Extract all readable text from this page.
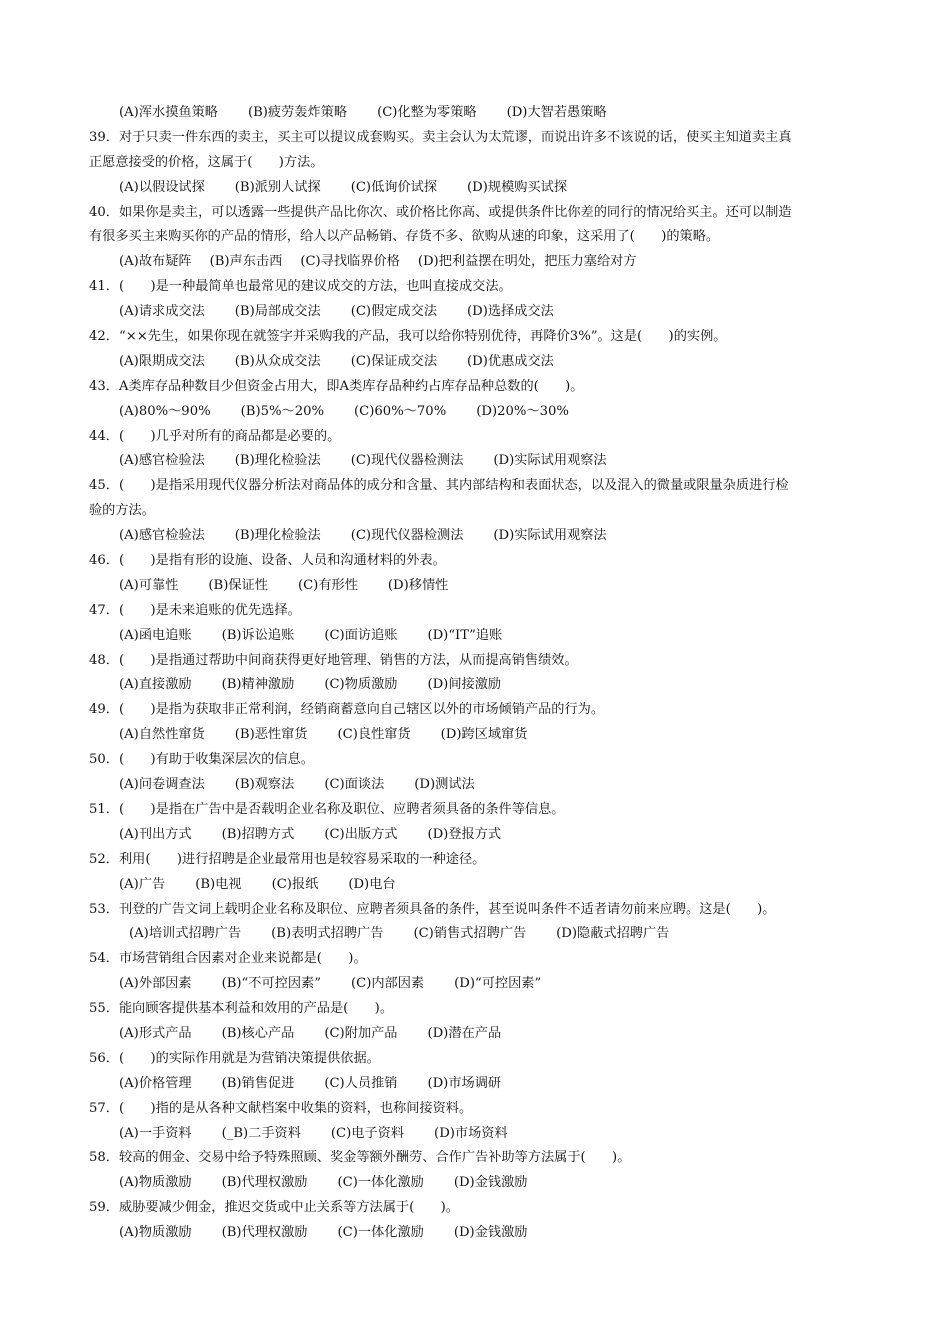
(A)浑水摸鱼策略 (B)疲劳轰炸策略 (C)化整为零策略 (D)大智若愚策略
39．对于只卖一件东西的卖主，买主可以提议成套购买。卖主会认为太荒谬，而说出许多不该说的话，使买主知道卖主真
正愿意接受的价格，这属于(　　)方法。
(A)以假设试探 (B)派别人试探 (C)低询价试探 (D)规模购买试探
40．如果你是卖主，可以透露一些提供产品比你次、或价格比你高、或提供条件比你差的同行的情况给买主。还可以制造
有很多买主来购买你的产品的情形，给人以产品畅销、存货不多、欲购从速的印象，这采用了(　　)的策略。
(A)故布疑阵 (B)声东击西 (C)寻找临界价格 (D)把利益摆在明处，把压力塞给对方
41．(　　)是一种最简单也最常见的建议成交的方法，也叫直接成交法。
(A)请求成交法 (B)局部成交法 (C)假定成交法 (D)选择成交法
42．“××先生，如果你现在就签字并采购我的产品，我可以给你特别优待，再降价3%”。这是(　　)的实例。
(A)限期成交法 (B)从众成交法 (C)保证成交法 (D)优惠成交法
43．A类库存品种数目少但资金占用大，即A类库存品种约占库存品种总数的(　　)。
(A)80%～90% (B)5%～20% (C)60%～70% (D)20%～30%
44．(　　)几乎对所有的商品都是必要的。
(A)感官检验法 (B)理化检验法 (C)现代仪器检测法 (D)实际试用观察法
45．(　　)是指采用现代仪器分析法对商品体的成分和含量、其内部结构和表面状态，以及混入的微量或限量杂质进行检
验的方法。
(A)感官检验法 (B)理化检验法 (C)现代仪器检测法 (D)实际试用观察法
46．(　　)是指有形的设施、设备、人员和沟通材料的外表。
(A)可靠性 (B)保证性 (C)有形性 (D)移情性
47．(　　)是未来追账的优先选择。
(A)函电追账 (B)诉讼追账 (C)面访追账 (D)“IT”追账
48．(　　)是指通过帮助中间商获得更好地管理、销售的方法，从而提高销售绩效。
(A)直接激励 (B)精神激励 (C)物质激励 (D)间接激励
49．(　　)是指为获取非正常利润，经销商蓄意向自己辖区以外的市场倾销产品的行为。
(A)自然性窜货 (B)恶性窜货 (C)良性窜货 (D)跨区域窜货
50．(　　)有助于收集深层次的信息。
(A)问卷调查法 (B)观察法 (C)面谈法 (D)测试法
51．(　　)是指在广告中是否载明企业名称及职位、应聘者须具备的条件等信息。
(A)刊出方式 (B)招聘方式 (C)出版方式 (D)登报方式
52．利用(　　)进行招聘是企业最常用也是较容易采取的一种途径。
(A)广告 (B)电视 (C)报纸 (D)电台
53．刊登的广告文词上载明企业名称及职位、应聘者须具备的条件，甚至说叫条件不适者请勿前来应聘。这是(　　)。
(A)培训式招聘广告 (B)表明式招聘广告 (C)销售式招聘广告 (D)隐蔽式招聘广告
54．市场营销组合因素对企业来说都是(　　)。
(A)外部因素 (B)“不可控因素” (C)内部因素 (D)“可控因素”
55．能向顾客提供基本利益和效用的产品是(　　)。
(A)形式产品 (B)核心产品 (C)附加产品 (D)潜在产品
56．(　　)的实际作用就是为营销决策提供依据。
(A)价格管理 (B)销售促进 (C)人员推销 (D)市场调研
57．(　　)指的是从各种文献档案中收集的资料，也称间接资料。
(A)一手资料 (_B)二手资料 (C)电子资料 (D)市场资料
58．较高的佣金、交易中给予特殊照顾、奖金等额外酬劳、合作广告补助等方法属于(　　)。
(A)物质激励 (B)代理权激励 (C)一体化激励 (D)金钱激励
59．威胁要减少佣金，推迟交货或中止关系等方法属于(　　)。
(A)物质激励 (B)代理权激励 (C)一体化激励 (D)金钱激励
